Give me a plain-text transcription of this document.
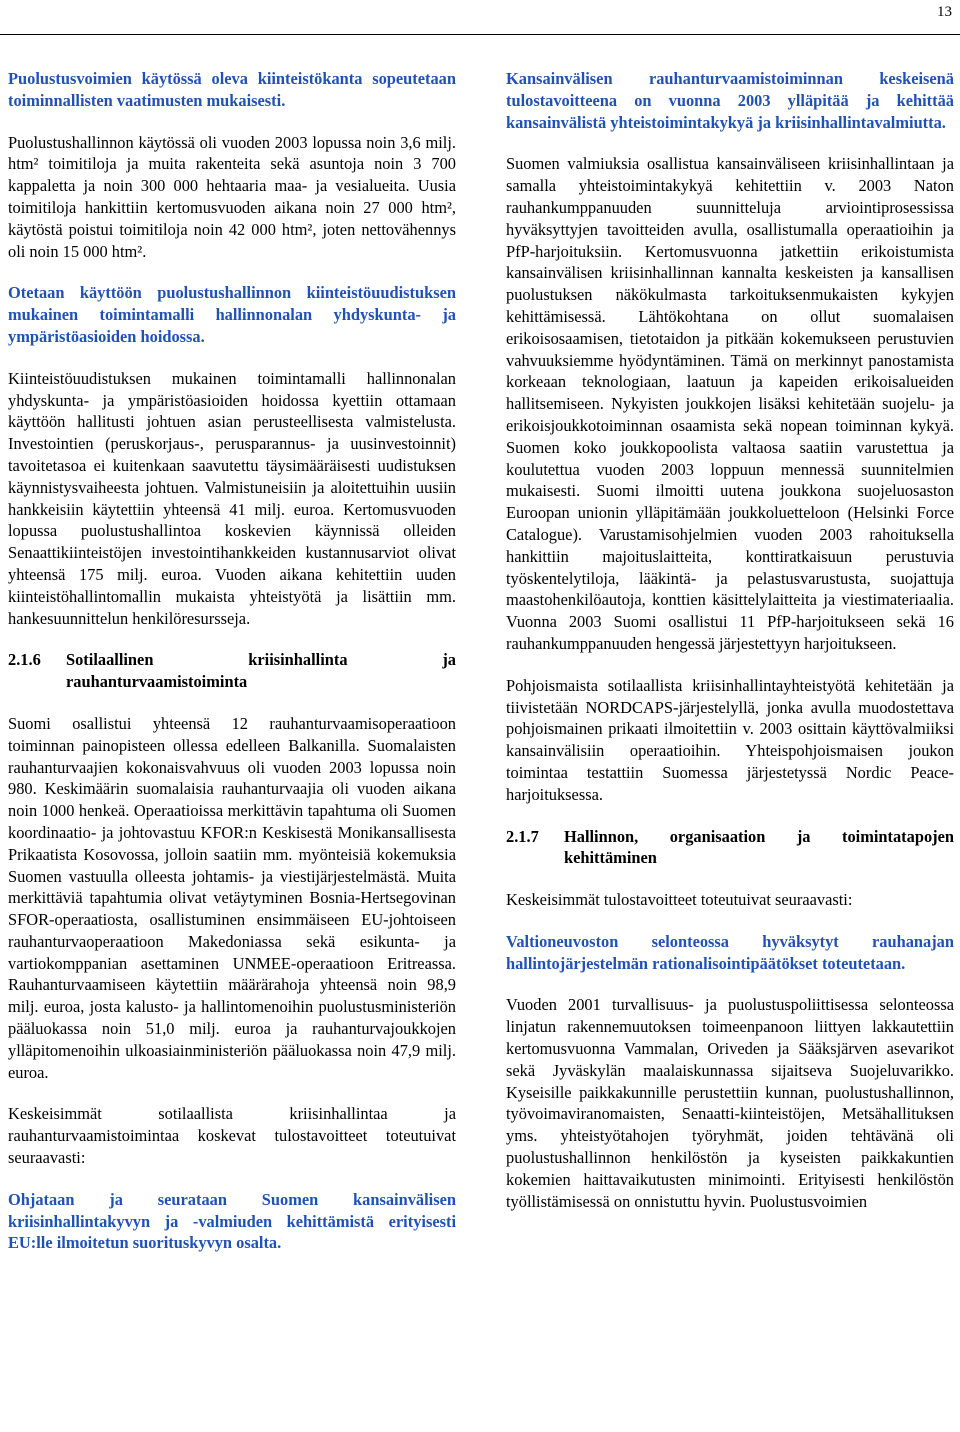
13

Puolustusvoimien käytössä oleva kiinteistökanta sopeutetaan toiminnallisten vaatimusten mukaisesti.

Puolustushallinnon käytössä oli vuoden 2003 lopussa noin 3,6 milj. htm² toimitiloja ja muita rakenteita sekä asuntoja noin 3 700 kappaletta ja noin 300 000 hehtaaria maa- ja vesialueita. Uusia toimitiloja hankittiin kertomusvuoden aikana noin 27 000 htm², käytöstä poistui toimitiloja noin 42 000 htm², joten nettovähennys oli noin 15 000 htm².

Otetaan käyttöön puolustushallinnon kiinteistöuudistuksen mukainen toimintamalli hallinnonalan yhdyskunta- ja ympäristöasioiden hoidossa.

Kiinteistöuudistuksen mukainen toimintamalli hallinnonalan yhdyskunta- ja ympäristöasioiden hoidossa kyettiin ottamaan käyttöön hallitusti johtuen asian perusteellisesta valmistelusta. Investointien (peruskorjaus-, perusparannus- ja uusinvestoinnit) tavoitetasoa ei kuitenkaan saavutettu täysimääräisesti uudistuksen käynnistysvaiheesta johtuen. Valmistuneisiin ja aloitettuihin uusiin hankkeisiin käytettiin yhteensä 41 milj. euroa. Kertomusvuoden lopussa puolustushallintoa koskevien käynnissä olleiden Senaattikiinteistöjen investointihankkeiden kustannusarviot olivat yhteensä 175 milj. euroa. Vuoden aikana kehitettiin uuden kiinteistöhallintomallin mukaista yhteistyötä ja lisättiin mm. hankesuunnittelun henkilöresursseja.

2.1.6	Sotilaallinen kriisinhallinta ja rauhanturvaamistoiminta

Suomi osallistui yhteensä 12 rauhanturvaamisoperaatioon toiminnan painopisteen ollessa edelleen Balkanilla. Suomalaisten rauhanturvaajien kokonaisvahvuus oli vuoden 2003 lopussa noin 980. Keskimäärin suomalaisia rauhanturvaajia oli vuoden aikana noin 1000 henkeä. Operaatioissa merkittävin tapahtuma oli Suomen koordinaatio- ja johtovastuu KFOR:n Keskisestä Monikansallisesta Prikaatista Kosovossa, jolloin saatiin mm. myönteisiä kokemuksia Suomen vastuulla olleesta johtamis- ja viestijärjestelmästä. Muita merkittäviä tapahtumia olivat vetäytyminen Bosnia-Hertsegovinan SFOR-operaatiosta, osallistuminen ensimmäiseen EU-johtoiseen rauhanturvaoperaatioon Makedoniassa sekä esikunta- ja vartiokomppanian asettaminen UNMEE-operaatioon Eritreassa. Rauhanturvaamiseen käytettiin määrärahoja yhteensä noin 98,9 milj. euroa, josta kalusto- ja hallintomenoihin puolustusministeriön pääluokassa noin 51,0 milj. euroa ja rauhanturvajoukkojen ylläpitomenoihin ulkoasiainministeriön pääluokassa noin 47,9 milj. euroa.

Keskeisimmät sotilaallista kriisinhallintaa ja rauhanturvaamistoimintaa koskevat tulostavoitteet toteutuivat seuraavasti:

Ohjataan ja seurataan Suomen kansainvälisen kriisinhallintakyvyn ja -valmiuden kehittämistä erityisesti EU:lle ilmoitetun suorituskyvyn osalta.

Kansainvälisen rauhanturvaamistoiminnan keskeisenä tulostavoitteena on vuonna 2003 ylläpitää ja kehittää kansainvälistä yhteistoimintakykyä ja kriisinhallintavalmiutta.

Suomen valmiuksia osallistua kansainväliseen kriisinhallintaan ja samalla yhteistoimintakykyä kehitettiin v. 2003 Naton rauhankumppanuuden suunnitteluja arviointiprosessissa hyväksyttyjen tavoitteiden avulla, osallistumalla operaatioihin ja PfP-harjoituksiin. Kertomusvuonna jatkettiin erikoistumista kansainvälisen kriisinhallinnan kannalta keskeisten ja kansallisen puolustuksen näkökulmasta tarkoituksenmukaisten kykyjen kehittämisessä. Lähtökohtana on ollut suomalaisen erikoisosaamisen, tietotaidon ja pitkään kokemukseen perustuvien vahvuuksiemme hyödyntäminen. Tämä on merkinnyt panostamista korkeaan teknologiaan, laatuun ja kapeiden erikoisalueiden hallitsemiseen. Nykyisten joukkojen lisäksi kehitetään suojelu- ja erikoisjoukkotoiminnan osaamista sekä nopean toiminnan kykyä. Suomen koko joukkopoolista valtaosa saatiin varustettua ja koulutettua vuoden 2003 loppuun mennessä suunnitelmien mukaisesti. Suomi ilmoitti uutena joukkona suojeluosaston Euroopan unionin ylläpitämään joukkoluetteloon (Helsinki Force Catalogue). Varustamisohjelmien vuoden 2003 rahoituksella hankittiin majoituslaitteita, konttiratkaisuun perustuvia työskentelytiloja, lääkintä- ja pelastusvarustusta, suojattuja maastohenkilöautoja, konttien käsittelylaitteita ja viestimateriaalia. Vuonna 2003 Suomi osallistui 11 PfP-harjoitukseen sekä 16 rauhankumppanuuden hengessä järjestettyyn harjoitukseen.

Pohjoismaista sotilaallista kriisinhallintayhteistyötä kehitetään ja tiivistetään NORDCAPS-järjestelyllä, jonka avulla muodostettava pohjoismainen prikaati ilmoitettiin v. 2003 osittain käyttövalmiiksi kansainvälisiin operaatioihin. Yhteispohjoismaisen joukon toimintaa testattiin Suomessa järjestetyssä Nordic Peace-harjoituksessa.

2.1.7	Hallinnon, organisaation ja toimintatapojen kehittäminen

Keskeisimmät tulostavoitteet toteutuivat seuraavasti:

Valtioneuvoston selonteossa hyväksytyt rauhanajan hallintojärjestelmän rationalisointipäätökset toteutetaan.

Vuoden 2001 turvallisuus- ja puolustuspoliittisessa selonteossa linjatun rakennemuutoksen toimeenpanoon liittyen lakkautettiin kertomusvuonna Vammalan, Oriveden ja Sääksjärven asevarikot sekä Jyväskylän maalaiskunnassa sijaitseva Suojeluvarikko. Kyseisille paikkakunnille perustettiin kunnan, puolustushallinnon, työvoimaviranomaisten, Senaatti-kiinteistöjen, Metsähallituksen yms. yhteistyötahojen työryhmät, joiden tehtävänä oli puolustushallinnon henkilöstön ja kyseisten paikkakuntien kokemien haittavaikutusten minimointi. Erityisesti henkilöstön työllistämisessä on onnistuttu hyvin. Puolustusvoimien
